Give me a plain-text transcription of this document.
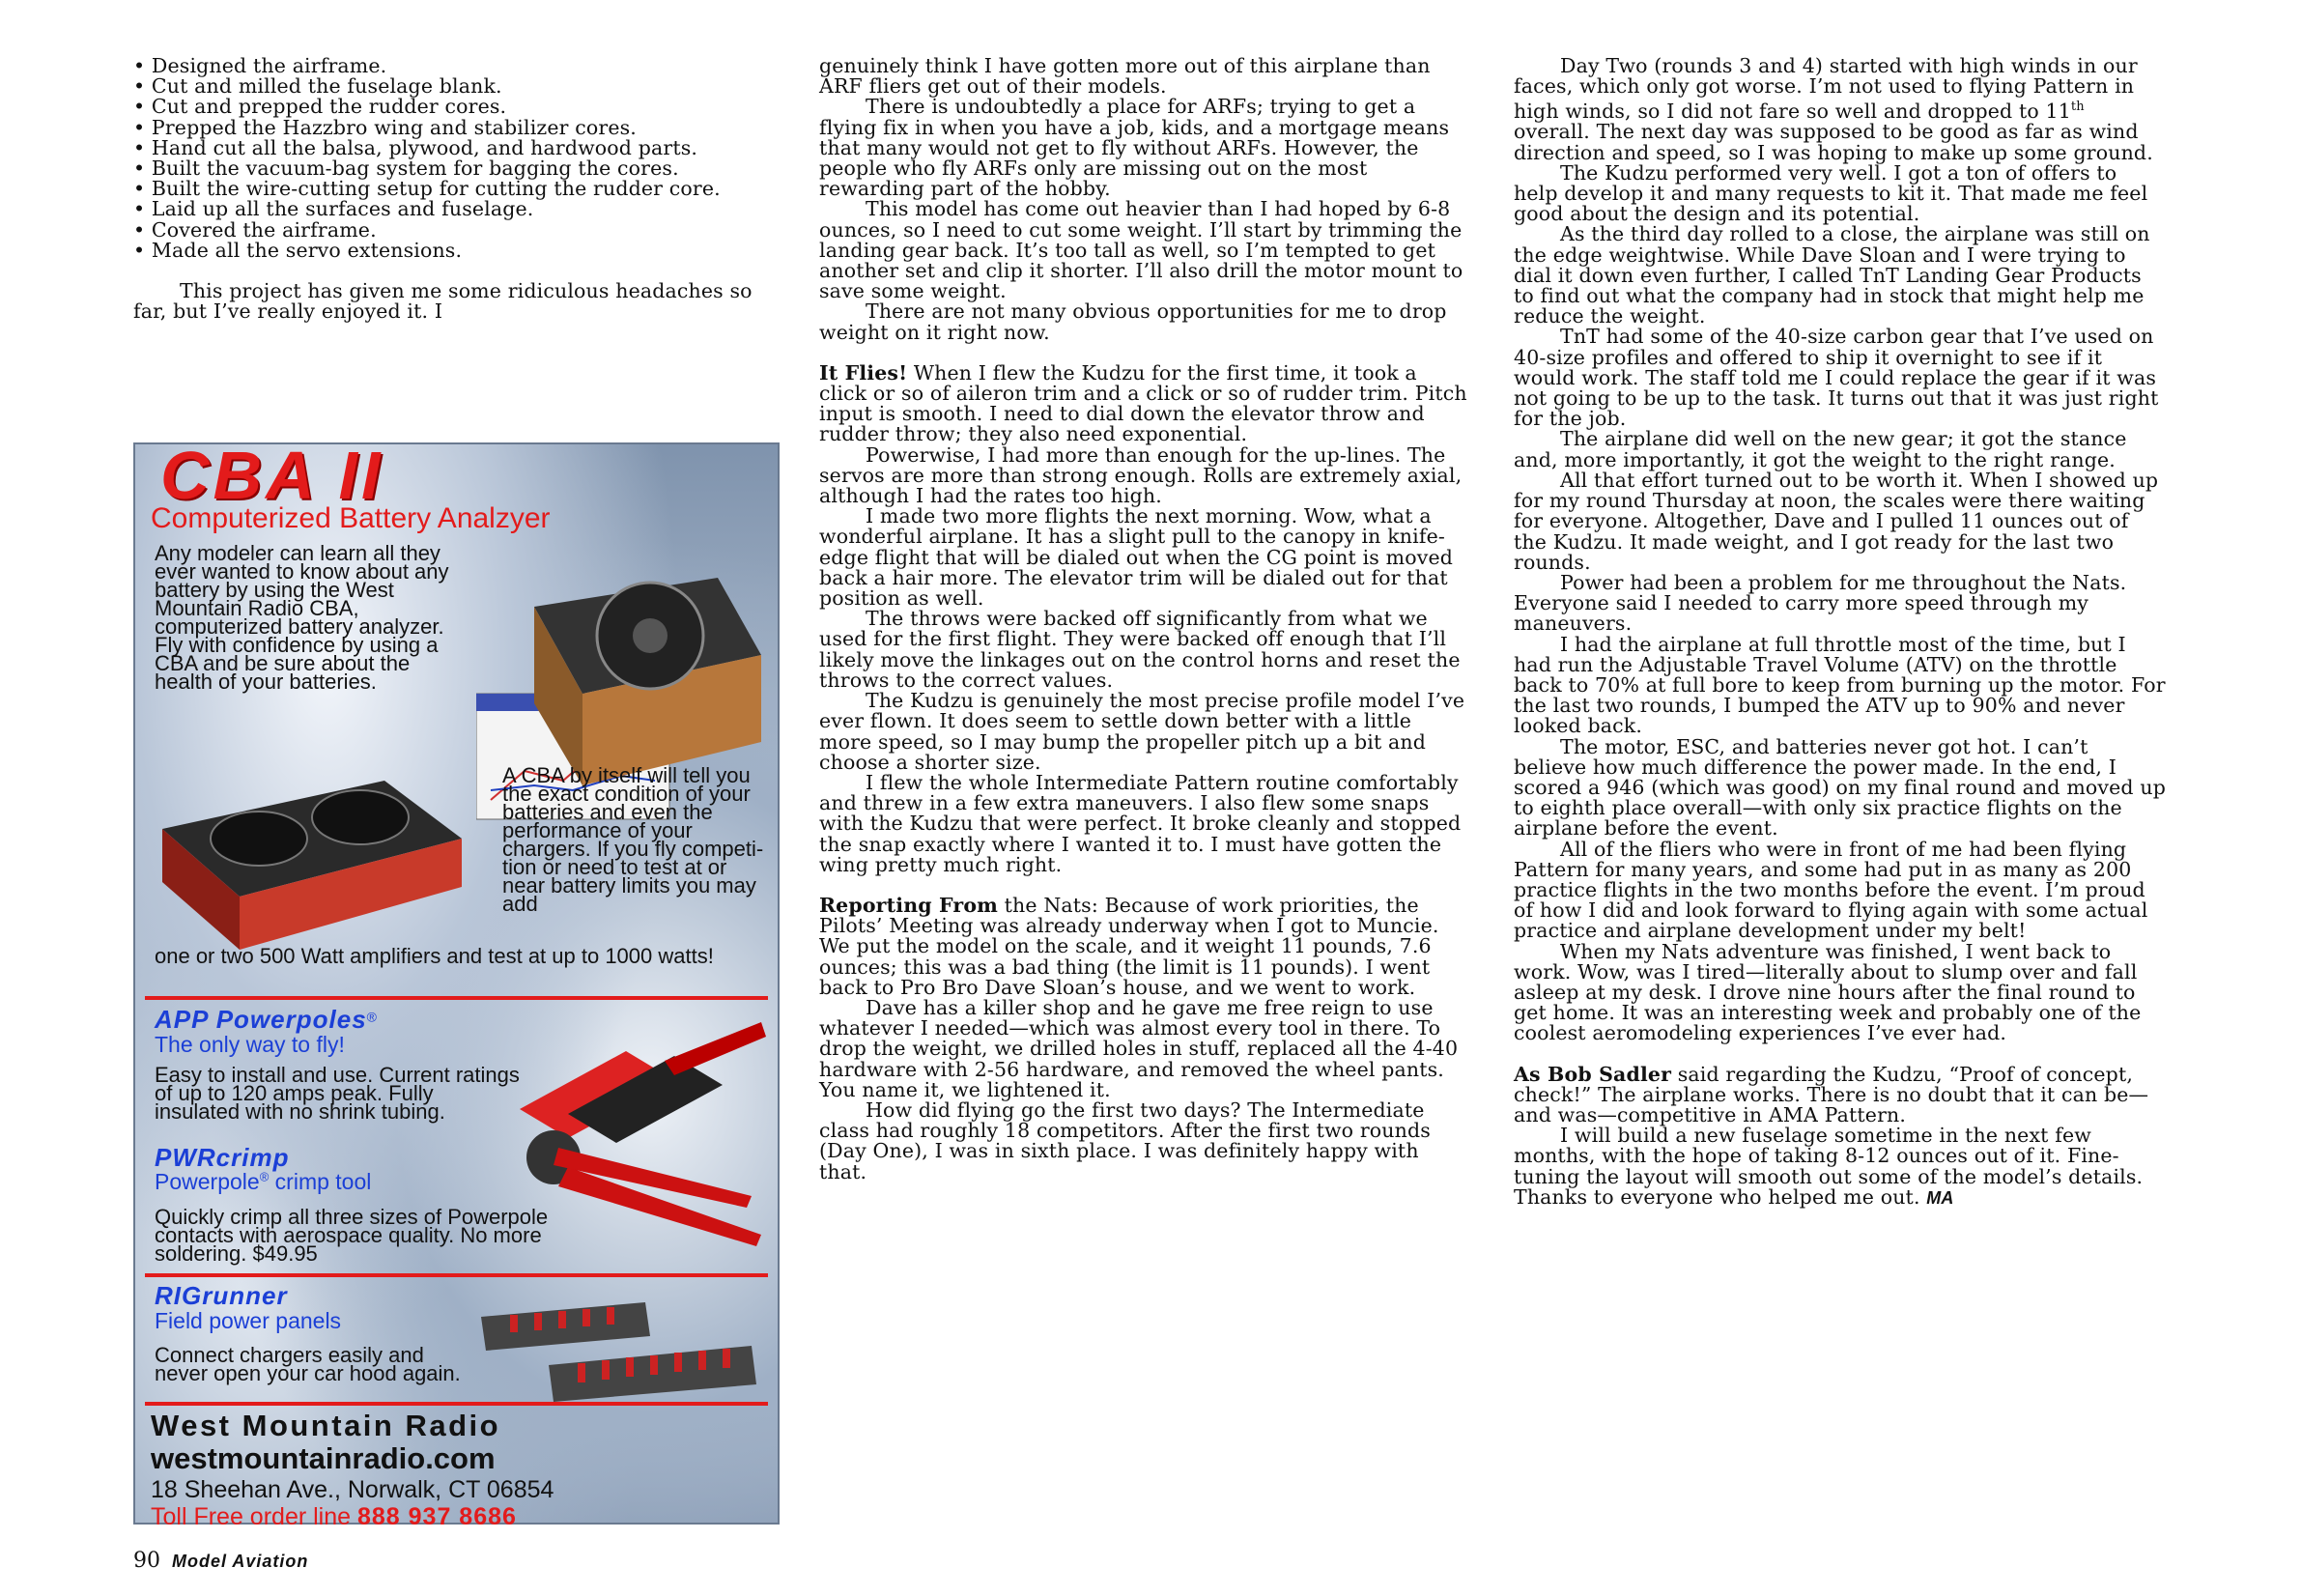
• Designed the airframe.

• Cut and milled the fuselage blank.

• Cut and prepped the rudder cores.

• Prepped the Hazzbro wing and stabilizer cores.

• Hand cut all the balsa, plywood, and hardwood parts.

• Built the vacuum-bag system for bagging the cores.

• Built the wire-cutting setup for cutting the rudder core.

• Laid up all the surfaces and fuselage.

• Covered the airframe.

• Made all the servo extensions.

This project has given me some ridiculous headaches so far, but I’ve really enjoyed it. I

CBA II
Computerized Battery Analzyer
Any modeler can learn all they ever wanted to know about any battery by using the West Mountain Radio CBA, computerized battery analyzer. Fly with confidence by using a CBA and be sure about the health of your batteries.
A CBA by itself will tell you the exact condition of your batteries and even the performance of your chargers. If you fly competi- tion or need to test at or near battery limits you may add
one or two 500 Watt amplifiers and test at up to 1000 watts!
APP Powerpoles®
The only way to fly!
Easy to install and use. Current ratings of up to 120 amps peak. Fully insulated with no shrink tubing.
PWRcrimp
Powerpole® crimp tool
Quickly crimp all three sizes of Powerpole contacts with aerospace quality. No more soldering. $49.95
RIGrunner
Field power panels
Connect chargers easily and never open your car hood again.
West Mountain Radio
westmountainradio.com
18 Sheehan Ave., Norwalk, CT 06854
Toll Free order line 888 937 8686

genuinely think I have gotten more out of this airplane than ARF fliers get out of their models.

There is undoubtedly a place for ARFs; trying to get a flying fix in when you have a job, kids, and a mortgage means that many would not get to fly without ARFs. However, the people who fly ARFs only are missing out on the most rewarding part of the hobby.

This model has come out heavier than I had hoped by 6-8 ounces, so I need to cut some weight. I’ll start by trimming the landing gear back. It’s too tall as well, so I’m tempted to get another set and clip it shorter. I’ll also drill the motor mount to save some weight.

There are not many obvious opportunities for me to drop weight on it right now.

It Flies! When I flew the Kudzu for the first time, it took a click or so of aileron trim and a click or so of rudder trim. Pitch input is smooth. I need to dial down the elevator throw and rudder throw; they also need exponential.

Powerwise, I had more than enough for the up-lines. The servos are more than strong enough. Rolls are extremely axial, although I had the rates too high.

I made two more flights the next morning. Wow, what a wonderful airplane. It has a slight pull to the canopy in knife-edge flight that will be dialed out when the CG point is moved back a hair more. The elevator trim will be dialed out for that position as well.

The throws were backed off significantly from what we used for the first flight. They were backed off enough that I’ll likely move the linkages out on the control horns and reset the throws to the correct values.

The Kudzu is genuinely the most precise profile model I’ve ever flown. It does seem to settle down better with a little more speed, so I may bump the propeller pitch up a bit and choose a shorter size.

I flew the whole Intermediate Pattern routine comfortably and threw in a few extra maneuvers. I also flew some snaps with the Kudzu that were perfect. It broke cleanly and stopped the snap exactly where I wanted it to. I must have gotten the wing pretty much right.

Reporting From the Nats: Because of work priorities, the Pilots’ Meeting was already underway when I got to Muncie. We put the model on the scale, and it weight 11 pounds, 7.6 ounces; this was a bad thing (the limit is 11 pounds). I went back to Pro Bro Dave Sloan’s house, and we went to work.

Dave has a killer shop and he gave me free reign to use whatever I needed—which was almost every tool in there. To drop the weight, we drilled holes in stuff, replaced all the 4-40 hardware with 2-56 hardware, and removed the wheel pants. You name it, we lightened it.

How did flying go the first two days? The Intermediate class had roughly 18 competitors. After the first two rounds (Day One), I was in sixth place. I was definitely happy with that.

Day Two (rounds 3 and 4) started with high winds in our faces, which only got worse. I’m not used to flying Pattern in high winds, so I did not fare so well and dropped to 11th overall. The next day was supposed to be good as far as wind direction and speed, so I was hoping to make up some ground.

The Kudzu performed very well. I got a ton of offers to help develop it and many requests to kit it. That made me feel good about the design and its potential.

As the third day rolled to a close, the airplane was still on the edge weightwise. While Dave Sloan and I were trying to dial it down even further, I called TnT Landing Gear Products to find out what the company had in stock that might help me reduce the weight.

TnT had some of the 40-size carbon gear that I’ve used on 40-size profiles and offered to ship it overnight to see if it would work. The staff told me I could replace the gear if it was not going to be up to the task. It turns out that it was just right for the job.

The airplane did well on the new gear; it got the stance and, more importantly, it got the weight to the right range.

All that effort turned out to be worth it. When I showed up for my round Thursday at noon, the scales were there waiting for everyone. Altogether, Dave and I pulled 11 ounces out of the Kudzu. It made weight, and I got ready for the last two rounds.

Power had been a problem for me throughout the Nats. Everyone said I needed to carry more speed through my maneuvers.

I had the airplane at full throttle most of the time, but I had run the Adjustable Travel Volume (ATV) on the throttle back to 70% at full bore to keep from burning up the motor. For the last two rounds, I bumped the ATV up to 90% and never looked back.

The motor, ESC, and batteries never got hot. I can’t believe how much difference the power made. In the end, I scored a 946 (which was good) on my final round and moved up to eighth place overall—with only six practice flights on the airplane before the event.

All of the fliers who were in front of me had been flying Pattern for many years, and some had put in as many as 200 practice flights in the two months before the event. I’m proud of how I did and look forward to flying again with some actual practice and airplane development under my belt!

When my Nats adventure was finished, I went back to work. Wow, was I tired—literally about to slump over and fall asleep at my desk. I drove nine hours after the final round to get home. It was an interesting week and probably one of the coolest aeromodeling experiences I’ve ever had.

As Bob Sadler said regarding the Kudzu, “Proof of concept, check!” The airplane works. There is no doubt that it can be—and was—competitive in AMA Pattern.

I will build a new fuselage sometime in the next few months, with the hope of taking 8-12 ounces out of it. Fine-tuning the layout will smooth out some of the model’s details. Thanks to everyone who helped me out. MA

90 Model Aviation
